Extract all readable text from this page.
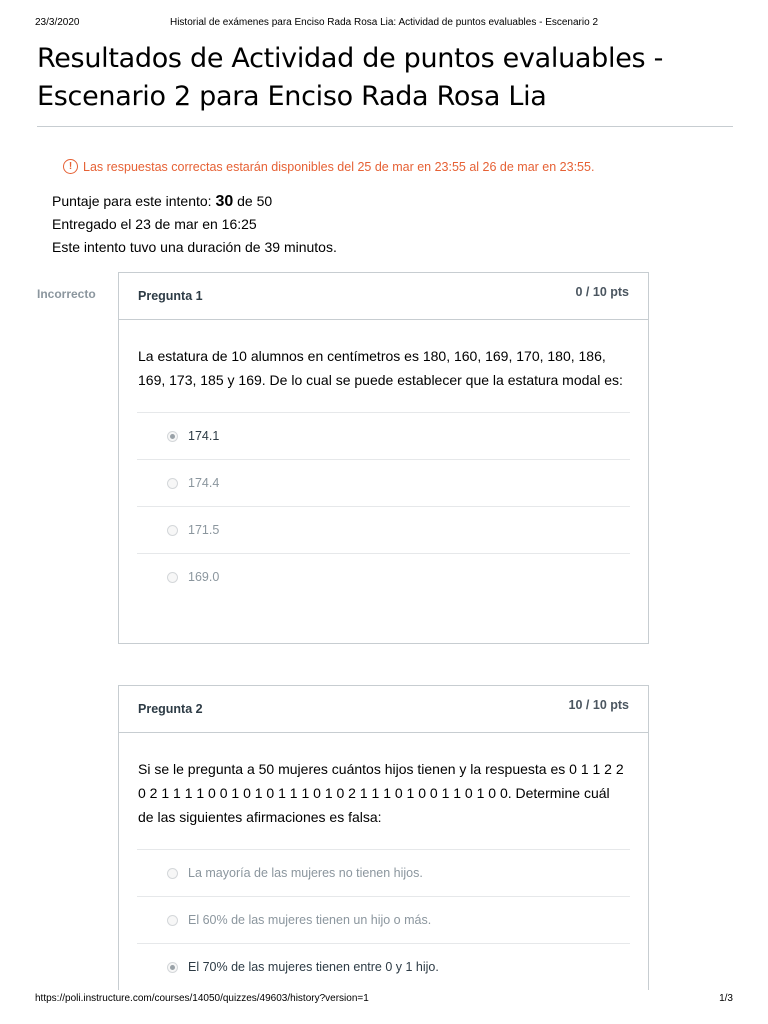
23/3/2020	Historial de exámenes para Enciso Rada Rosa Lia: Actividad de puntos evaluables - Escenario 2
Resultados de Actividad de puntos evaluables - Escenario 2 para Enciso Rada Rosa Lia
! Las respuestas correctas estarán disponibles del 25 de mar en 23:55 al 26 de mar en 23:55.
Puntaje para este intento: 30 de 50
Entregado el 23 de mar en 16:25
Este intento tuvo una duración de 39 minutos.
Incorrecto	Pregunta 1	0 / 10 pts
La estatura de 10 alumnos en centímetros es 180, 160, 169, 170, 180, 186, 169, 173, 185 y 169. De lo cual se puede establecer que la estatura modal es:
174.1
174.4
171.5
169.0
Pregunta 2	10 / 10 pts
Si se le pregunta a 50 mujeres cuántos hijos tienen y la respuesta es 0 1 1 2 2 0 2 1 1 1 1 0 0 1 0 1 0 1 1 1 0 1 0 2 1 1 1 0 1 0 0 1 1 0 1 0 0. Determine cuál de las siguientes afirmaciones es falsa:
La mayoría de las mujeres no tienen hijos.
El 60% de las mujeres tienen un hijo o más.
El 70% de las mujeres tienen entre 0 y 1 hijo.
https://poli.instructure.com/courses/14050/quizzes/49603/history?version=1	1/3
